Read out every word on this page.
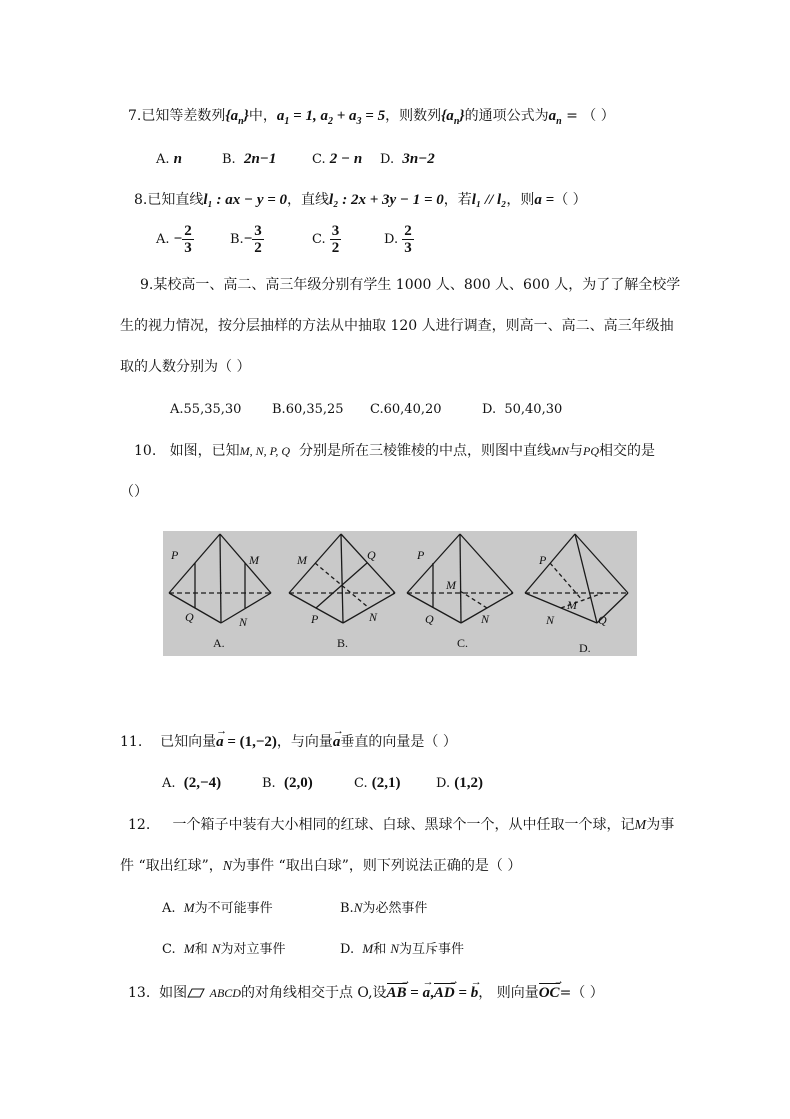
7.已知等差数列$\{a_n\}$中，$a_1 = 1$, $a_2 + a_3 = 5$，则数列$\{a_n\}$的通项公式为$a_n$ = （ ）
A. n	B. 2n−1	C. 2 − n D. 3n−2
8.已知直线l₁ : ax − y = 0，直线l₂ : 2x + 3y − 1 = 0，若l₁ // l₂，则a =（ ）
A. − $\frac{2}{3}$	$B.- \frac{3}{2}$	C. $\frac{3}{2}$	D. $\frac{2}{3}$
9.某校高一、高二、高三年级分别有学生 1000 人、800 人、600 人，为了了解全校学
生的视力情况，按分层抽样的方法从中抽取 120 人进行调查，则高一、高二、高三年级抽
取的人数分别为（ ）
A.55,35,30 B.60,35,25 C.60,40,20	D. 50,40,30
10. 如图，已知M, N, P, Q 分别是所在三棱锥棱的中点，则图中直线MN与PQ相交的是
（）
P	M
Q	N
M	Q
P	N
P
M
Q	N
P
M
N	Q
A.	B.	C.	D.
11. 已知向量→ a = (1,−2)，与向量→ a垂直的向量是（ ）
A. (2,−4)	B. (2,0)	C. (2,1)	D. (1,2)
12. 一个箱子中装有大小相同的红球、白球、黑球个一个，从中任取一个球，记M为事
件 “取出红球”，N为事件 “取出白球”，则下列说法正确的是（ ）
A. M为不可能事件	B.N为必然事件
C. M和 N为对立事件	D. M和 N为互斥事件
13. 如图 ABCD的对角线相交于点 O,设AB → = → a,AD → = → b， 则向量OC →=（ ）
